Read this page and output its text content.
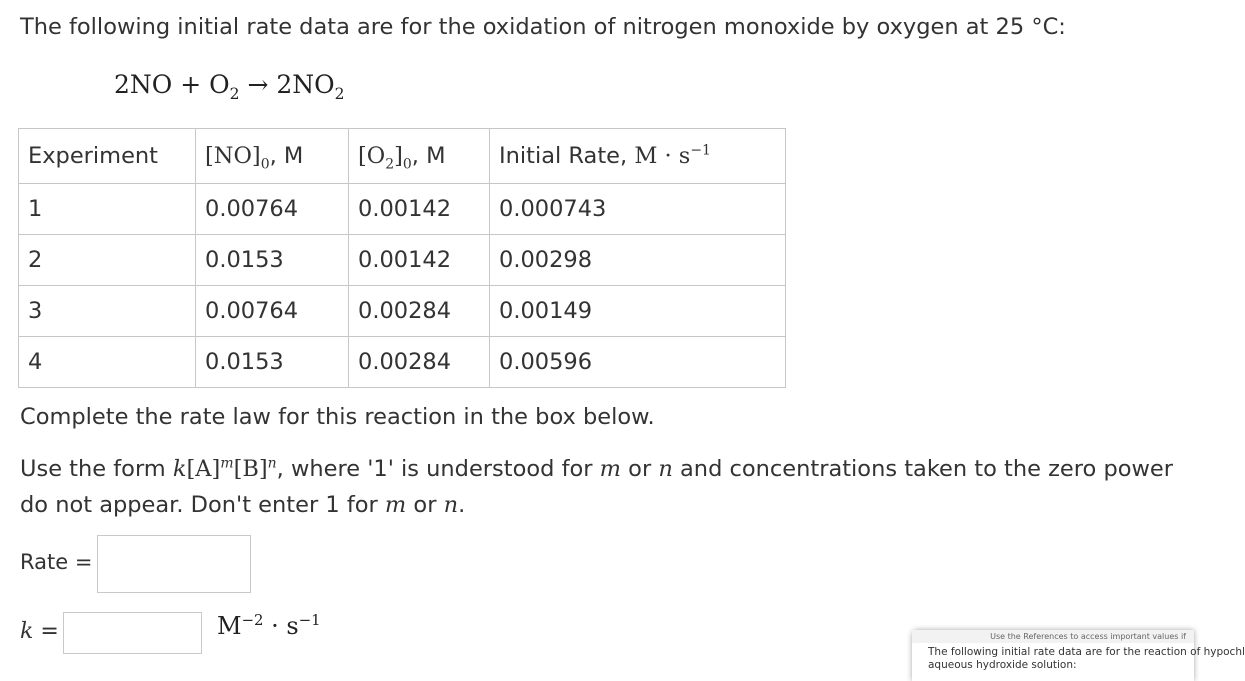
The following initial rate data are for the oxidation of nitrogen monoxide by oxygen at 25 °C:
$2NO + O_2 \to 2NO_2$
Experiment	$[NO]_0$, M	$[O_2]_0$, M	Initial Rate, $M \cdot s^{-1}$
1	0.00764	0.00142	0.000743
2	0.0153	0.00142	0.00298
3	0.00764	0.00284	0.00149
4	0.0153	0.00284	0.00596
Complete the rate law for this reaction in the box below.
Use the form $k[A]^m[B]^n$, where '1' is understood for m or n and concentrations taken to the zero power do not appear. Don't enter 1 for m or n.
Rate =
k =	$M^{-2} \cdot s^{-1}$
Use the References to access important values if
The following initial rate data are for the reaction of hypochl
aqueous hydroxide solution:
